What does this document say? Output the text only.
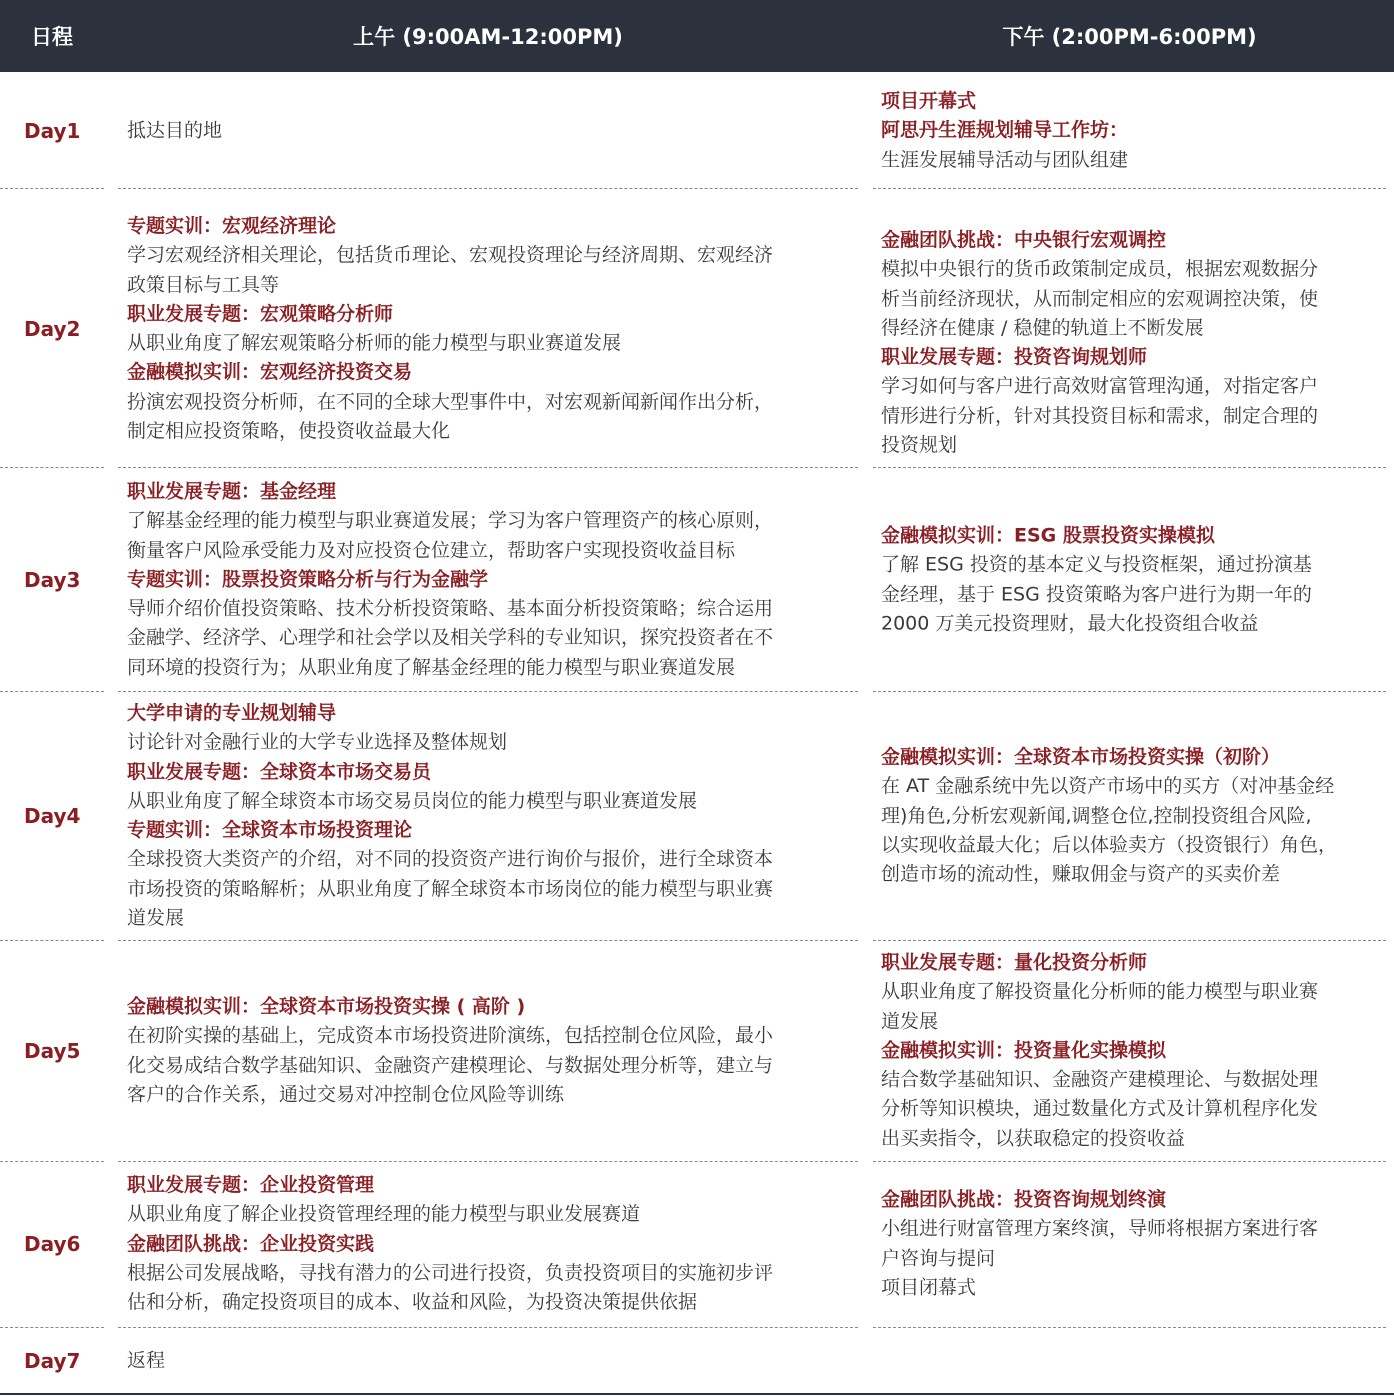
日程	上午 (9:00AM-12:00PM)	下午 (2:00PM-6:00PM)
Day1 抵达目的地

项目开幕式

阿思丹生涯规划辅导工作坊：

生涯发展辅导活动与团队组建

Day2

专题实训：宏观经济理论

学习宏观经济相关理论，包括货币理论、宏观投资理论与经济周期、宏观经济

政策目标与工具等

职业发展专题：宏观策略分析师

从职业角度了解宏观策略分析师的能力模型与职业赛道发展

金融模拟实训：宏观经济投资交易

扮演宏观投资分析师，在不同的全球大型事件中，对宏观新闻新闻作出分析，

制定相应投资策略，使投资收益最大化

金融团队挑战：中央银行宏观调控

模拟中央银行的货币政策制定成员，根据宏观数据分

析当前经济现状，从而制定相应的宏观调控决策，使

得经济在健康 / 稳健的轨道上不断发展

职业发展专题：投资咨询规划师

学习如何与客户进行高效财富管理沟通，对指定客户

情形进行分析，针对其投资目标和需求，制定合理的

投资规划

Day3

职业发展专题：基金经理

了解基金经理的能力模型与职业赛道发展；学习为客户管理资产的核心原则，

衡量客户风险承受能力及对应投资仓位建立，帮助客户实现投资收益目标

专题实训：股票投资策略分析与行为金融学

导师介绍价值投资策略、技术分析投资策略、基本面分析投资策略；综合运用

金融学、经济学、心理学和社会学以及相关学科的专业知识，探究投资者在不

同环境的投资行为；从职业角度了解基金经理的能力模型与职业赛道发展

金融模拟实训：ESG 股票投资实操模拟

了解 ESG 投资的基本定义与投资框架，通过扮演基

金经理，基于 ESG 投资策略为客户进行为期一年的

2000 万美元投资理财，最大化投资组合收益

Day4

大学申请的专业规划辅导

讨论针对金融行业的大学专业选择及整体规划

职业发展专题：全球资本市场交易员

从职业角度了解全球资本市场交易员岗位的能力模型与职业赛道发展

专题实训：全球资本市场投资理论

全球投资大类资产的介绍，对不同的投资资产进行询价与报价，进行全球资本

市场投资的策略解析；从职业角度了解全球资本市场岗位的能力模型与职业赛

道发展

金融模拟实训：全球资本市场投资实操（初阶）

在 AT 金融系统中先以资产市场中的买方（对冲基金经

理)角色,分析宏观新闻,调整仓位,控制投资组合风险,

以实现收益最大化；后以体验卖方（投资银行）角色，

创造市场的流动性，赚取佣金与资产的买卖价差

Day5

金融模拟实训：全球资本市场投资实操 ( 高阶 )

在初阶实操的基础上，完成资本市场投资进阶演练，包括控制仓位风险，最小

化交易成结合数学基础知识、金融资产建模理论、与数据处理分析等，建立与

客户的合作关系，通过交易对冲控制仓位风险等训练

职业发展专题：量化投资分析师

从职业角度了解投资量化分析师的能力模型与职业赛

道发展

金融模拟实训：投资量化实操模拟

结合数学基础知识、金融资产建模理论、与数据处理

分析等知识模块，通过数量化方式及计算机程序化发

出买卖指令，以获取稳定的投资收益

Day6

职业发展专题：企业投资管理

从职业角度了解企业投资管理经理的能力模型与职业发展赛道

金融团队挑战：企业投资实践

根据公司发展战略，寻找有潜力的公司进行投资，负责投资项目的实施初步评

估和分析，确定投资项目的成本、收益和风险，为投资决策提供依据

金融团队挑战：投资咨询规划终演

小组进行财富管理方案终演，导师将根据方案进行客

户咨询与提问

项目闭幕式

Day7 返程
